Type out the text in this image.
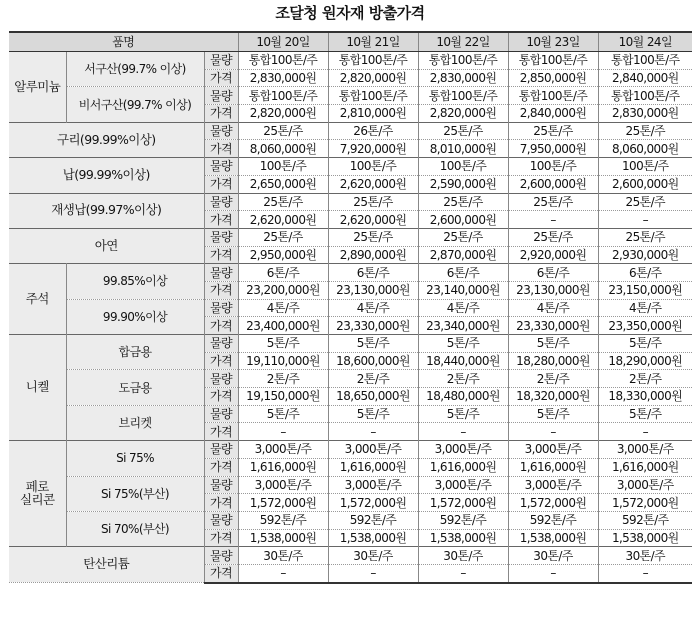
조달청 원자재 방출가격
품명			10월 20일	10월 21일	10월 22일	10월 23일	10월 24일
알루미늄	서구산(99.7% 이상)	물량	통합100톤/주	통합100톤/주	통합100톤/주	통합100톤/주	통합100톤/주
		가격	2,830,000원	2,820,000원	2,830,000원	2,850,000원	2,840,000원
	비서구산(99.7% 이상)	물량	통합100톤/주	통합100톤/주	통합100톤/주	통합100톤/주	통합100톤/주
		가격	2,820,000원	2,810,000원	2,820,000원	2,840,000원	2,830,000원
구리(99.99%이상)		물량	25톤/주	26톤/주	25톤/주	25톤/주	25톤/주
		가격	8,060,000원	7,920,000원	8,010,000원	7,950,000원	8,060,000원
납(99.99%이상)		물량	100톤/주	100톤/주	100톤/주	100톤/주	100톤/주
		가격	2,650,000원	2,620,000원	2,590,000원	2,600,000원	2,600,000원
재생납(99.97%이상)		물량	25톤/주	25톤/주	25톤/주	25톤/주	25톤/주
		가격	2,620,000원	2,620,000원	2,600,000원	–	–
아연		물량	25톤/주	25톤/주	25톤/주	25톤/주	25톤/주
		가격	2,950,000원	2,890,000원	2,870,000원	2,920,000원	2,930,000원
주석	99.85%이상	물량	6톤/주	6톤/주	6톤/주	6톤/주	6톤/주
		가격	23,200,000원	23,130,000원	23,140,000원	23,130,000원	23,150,000원
	99.90%이상	물량	4톤/주	4톤/주	4톤/주	4톤/주	4톤/주
		가격	23,400,000원	23,330,000원	23,340,000원	23,330,000원	23,350,000원
니켈	합금용	물량	5톤/주	5톤/주	5톤/주	5톤/주	5톤/주
		가격	19,110,000원	18,600,000원	18,440,000원	18,280,000원	18,290,000원
	도금용	물량	2톤/주	2톤/주	2톤/주	2톤/주	2톤/주
		가격	19,150,000원	18,650,000원	18,480,000원	18,320,000원	18,330,000원
	브리켓	물량	5톤/주	5톤/주	5톤/주	5톤/주	5톤/주
		가격	–	–	–	–	–
페로
실리콘	Si 75%	물량	3,000톤/주	3,000톤/주	3,000톤/주	3,000톤/주	3,000톤/주
		가격	1,616,000원	1,616,000원	1,616,000원	1,616,000원	1,616,000원
	Si 75%(부산)	물량	3,000톤/주	3,000톤/주	3,000톤/주	3,000톤/주	3,000톤/주
		가격	1,572,000원	1,572,000원	1,572,000원	1,572,000원	1,572,000원
	Si 70%(부산)	물량	592톤/주	592톤/주	592톤/주	592톤/주	592톤/주
		가격	1,538,000원	1,538,000원	1,538,000원	1,538,000원	1,538,000원
탄산리튬		물량	30톤/주	30톤/주	30톤/주	30톤/주	30톤/주
		가격	–	–	–	–	–
